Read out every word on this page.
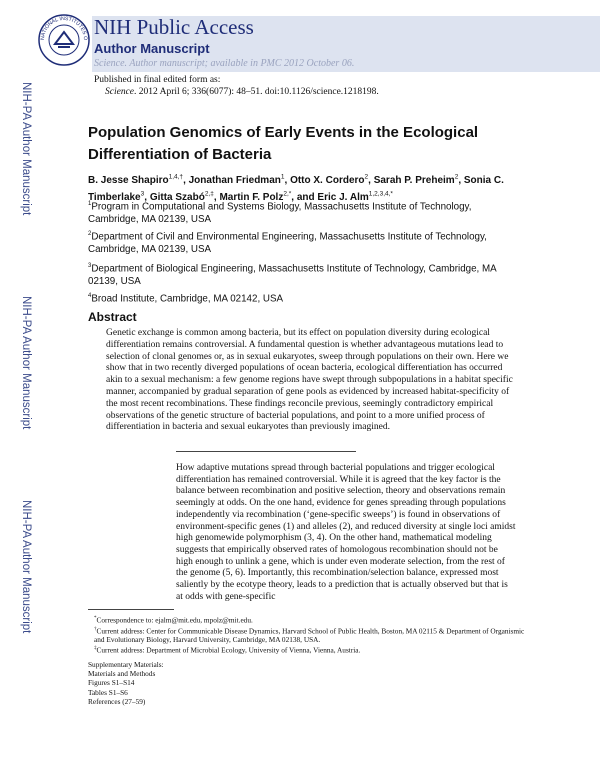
NATIONAL INSTITUTES O NIH Public Access
Author Manuscript
Science. Author manuscript; available in PMC 2012 October 06.
Published in final edited form as:
Science. 2012 April 6; 336(6077): 48–51. doi:10.1126/science.1218198.
NIH-PA Author Manuscript
NIH-PA Author Manuscript
NIH-PA Author Manuscript
Population Genomics of Early Events in the Ecological Differentiation of Bacteria
B. Jesse Shapiro$^{1,4,\dagger}$, Jonathan Friedman$^1$, Otto X. Cordero$^2$, Sarah P. Preheim$^2$, Sonia C. Timberlake$^3$, Gitta Szabó$^{2,\ddagger}$, Martin F. Polz$^{2,*}$, and Eric J. Alm$^{1,2,3,4,*}$
$^1$Program in Computational and Systems Biology, Massachusetts Institute of Technology, Cambridge, MA 02139, USA
$^2$Department of Civil and Environmental Engineering, Massachusetts Institute of Technology, Cambridge, MA 02139, USA
$^3$Department of Biological Engineering, Massachusetts Institute of Technology, Cambridge, MA 02139, USA
$^4$Broad Institute, Cambridge, MA 02142, USA
Abstract
Genetic exchange is common among bacteria, but its effect on population diversity during ecological differentiation remains controversial. A fundamental question is whether advantageous mutations lead to selection of clonal genomes or, as in sexual eukaryotes, sweep through populations on their own. Here we show that in two recently diverged populations of ocean bacteria, ecological differentiation has occurred akin to a sexual mechanism: a few genome regions have swept through subpopulations in a habitat specific manner, accompanied by gradual separation of gene pools as evidenced by increased habitat-specificity of the most recent recombinations. These findings reconcile previous, seemingly contradictory empirical observations of the genetic structure of bacterial populations, and point to a more unified process of differentiation in bacteria and sexual eukaryotes than previously imagined.
How adaptive mutations spread through bacterial populations and trigger ecological differentiation has remained controversial. While it is agreed that the key factor is the balance between recombination and positive selection, theory and observations remain seemingly at odds. On the one hand, evidence for genes spreading through populations independently via recombination (‘gene-specific sweeps’) is found in observations of environment-specific genes (1) and alleles (2), and reduced diversity at single loci amidst high genomewide polymorphism (3, 4). On the other hand, mathematical modeling suggests that empirically observed rates of homologous recombination should not be high enough to unlink a gene, which is under even moderate selection, from the rest of the genome (5, 6). Importantly, this recombination/selection balance, expressed most saliently by the ecotype theory, leads to a prediction that is actually observed but that is at odds with gene-specific
*Correspondence to: ejalm@mit.edu, mpolz@mit.edu.
†Current address: Center for Communicable Disease Dynamics, Harvard School of Public Health, Boston, MA 02115 & Department of Organismic and Evolutionary Biology, Harvard University, Cambridge, MA 02138, USA.
‡Current address: Department of Microbial Ecology, University of Vienna, Vienna, Austria.
Supplementary Materials:
Materials and Methods
Figures S1–S14
Tables S1–S6
References (27–59)
